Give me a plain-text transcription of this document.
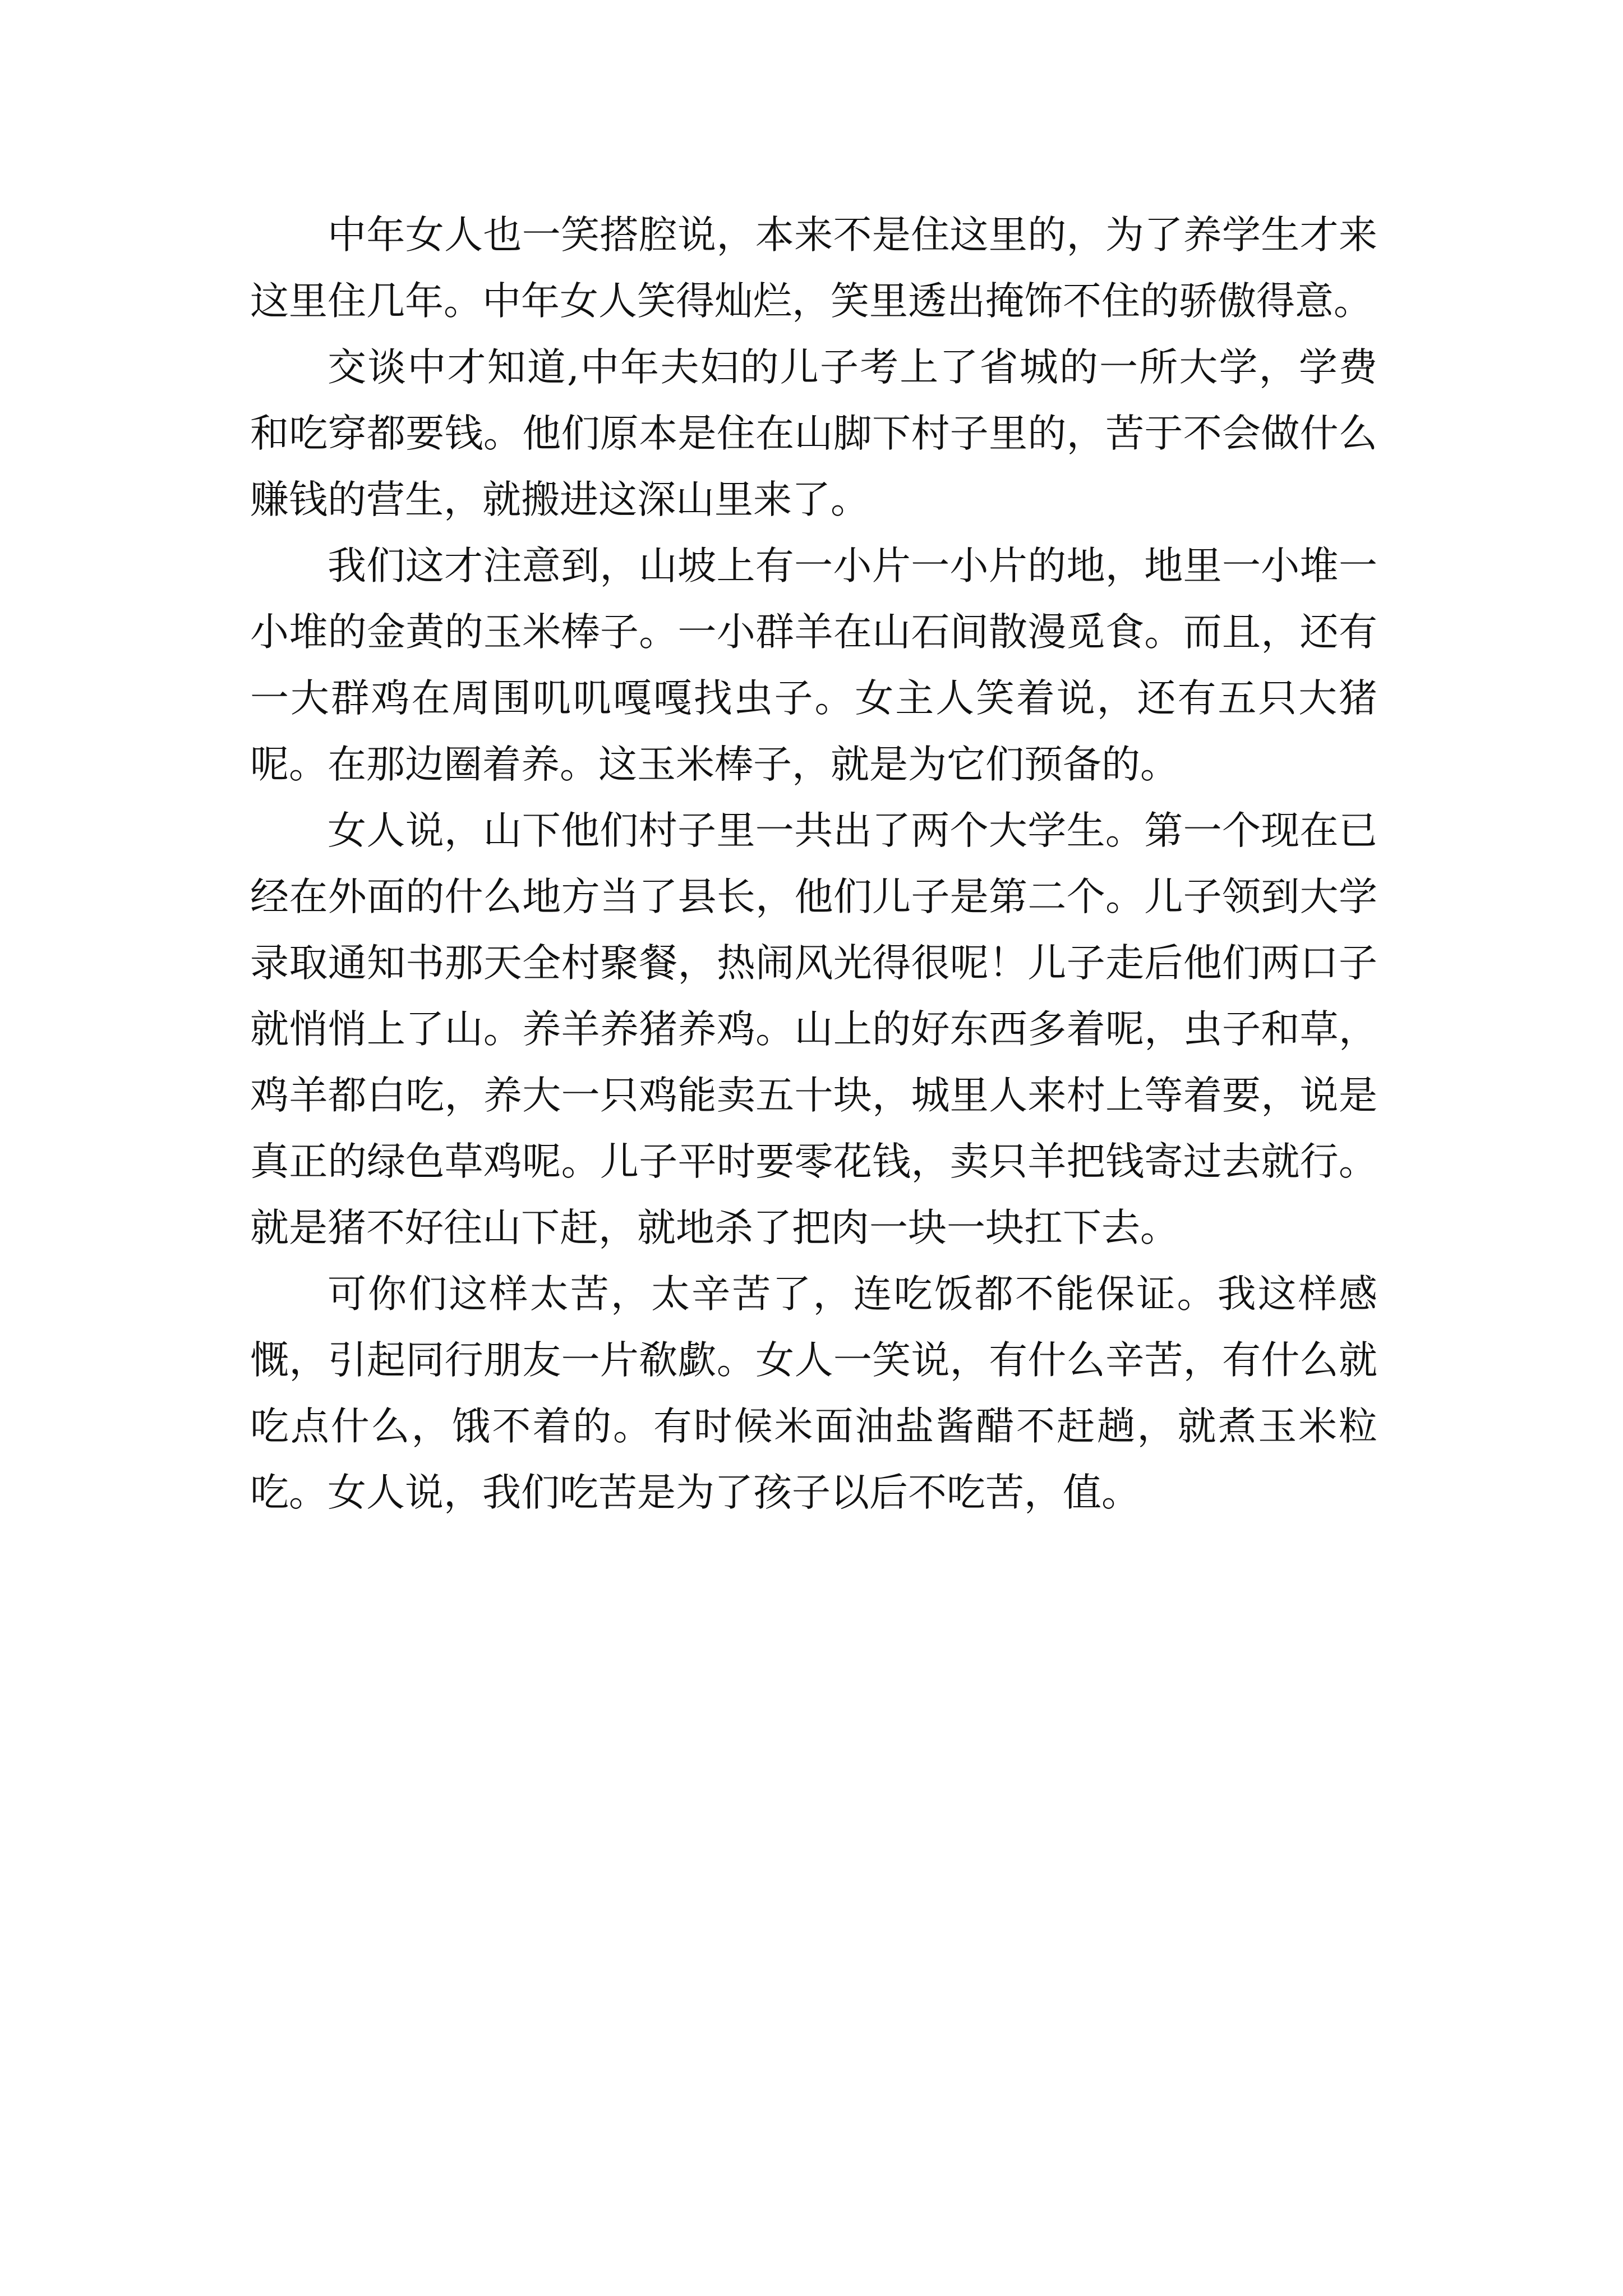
中年女人也一笑搭腔说，本来不是住这里的，为了养学生才来这里住几年。中年女人笑得灿烂，笑里透出掩饰不住的骄傲得意。

交谈中才知道,中年夫妇的儿子考上了省城的一所大学，学费和吃穿都要钱。他们原本是住在山脚下村子里的，苦于不会做什么赚钱的营生，就搬进这深山里来了。

我们这才注意到，山坡上有一小片一小片的地，地里一小堆一小堆的金黄的玉米棒子。一小群羊在山石间散漫觅食。而且，还有一大群鸡在周围叽叽嘎嘎找虫子。女主人笑着说，还有五只大猪呢。在那边圈着养。这玉米棒子，就是为它们预备的。

女人说，山下他们村子里一共出了两个大学生。第一个现在已经在外面的什么地方当了县长，他们儿子是第二个。儿子领到大学录取通知书那天全村聚餐，热闹风光得很呢！儿子走后他们两口子就悄悄上了山。养羊养猪养鸡。山上的好东西多着呢，虫子和草，鸡羊都白吃，养大一只鸡能卖五十块，城里人来村上等着要，说是真正的绿色草鸡呢。儿子平时要零花钱，卖只羊把钱寄过去就行。就是猪不好往山下赶，就地杀了把肉一块一块扛下去。

可你们这样太苦，太辛苦了，连吃饭都不能保证。我这样感慨，引起同行朋友一片欷歔。女人一笑说，有什么辛苦，有什么就吃点什么，饿不着的。有时候米面油盐酱醋不赶趟，就煮玉米粒吃。女人说，我们吃苦是为了孩子以后不吃苦，值。
